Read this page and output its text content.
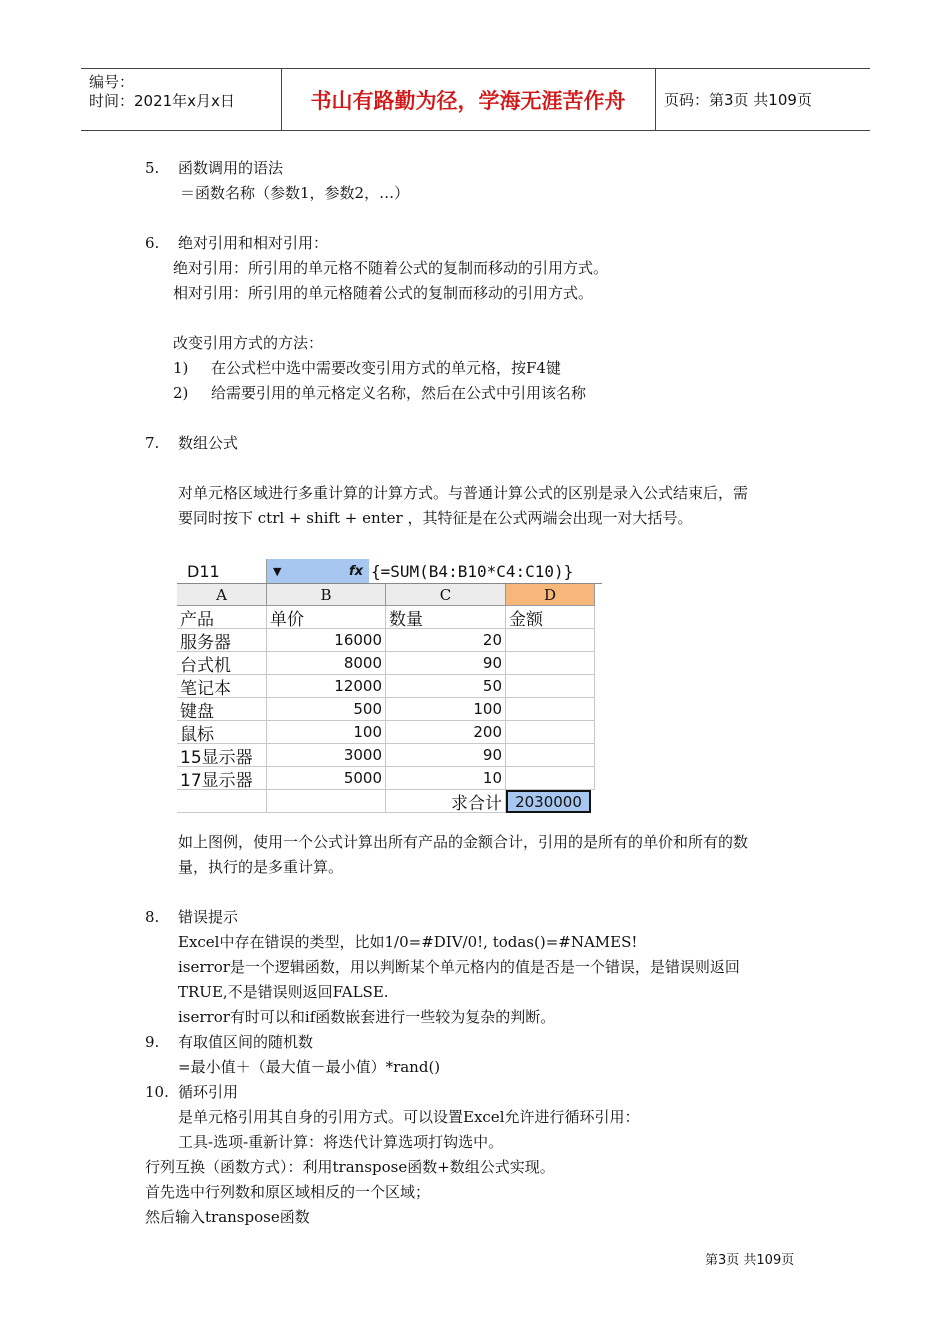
编号：
时间：2021年x月x日	书山有路勤为径，学海无涯苦作舟	页码：第3页 共109页
5. 函数调用的语法
＝函数名称（参数1，参数2，…）
6. 绝对引用和相对引用：
绝对引用：所引用的单元格不随着公式的复制而移动的引用方式。
相对引用：所引用的单元格随着公式的复制而移动的引用方式。
改变引用方式的方法：
1) 在公式栏中选中需要改变引用方式的单元格，按F4键
2) 给需要引用的单元格定义名称，然后在公式中引用该名称
7. 数组公式
对单元格区域进行多重计算的计算方式。与普通计算公式的区别是录入公式结束后，需
要同时按下 ctrl + shift + enter ，其特征是在公式两端会出现一对大括号。
D11	▼	fx {=SUM(B4:B10*C4:C10)}
A	B	C	D
产品	单价	数量	金额
服务器	16000	20
台式机	8000	90
笔记本	12000	50
键盘	500	100
鼠标	100	200
15显示器	3000	90
17显示器	5000	10
求合计 2030000
如上图例，使用一个公式计算出所有产品的金额合计，引用的是所有的单价和所有的数
量，执行的是多重计算。
8. 错误提示
Excel中存在错误的类型，比如1/0=#DIV/0!, todas()=#NAMES!
iserror是一个逻辑函数，用以判断某个单元格内的值是否是一个错误，是错误则返回
TRUE,不是错误则返回FALSE.
iserror有时可以和if函数嵌套进行一些较为复杂的判断。
9. 有取值区间的随机数
=最小值＋（最大值－最小值）*rand()
10. 循环引用
是单元格引用其自身的引用方式。可以设置Excel允许进行循环引用：
工具-选项-重新计算：将迭代计算选项打钩选中。
行列互换（函数方式）：利用transpose函数+数组公式实现。
首先选中行列数和原区域相反的一个区域；
然后输入transpose函数
第3页 共109页
